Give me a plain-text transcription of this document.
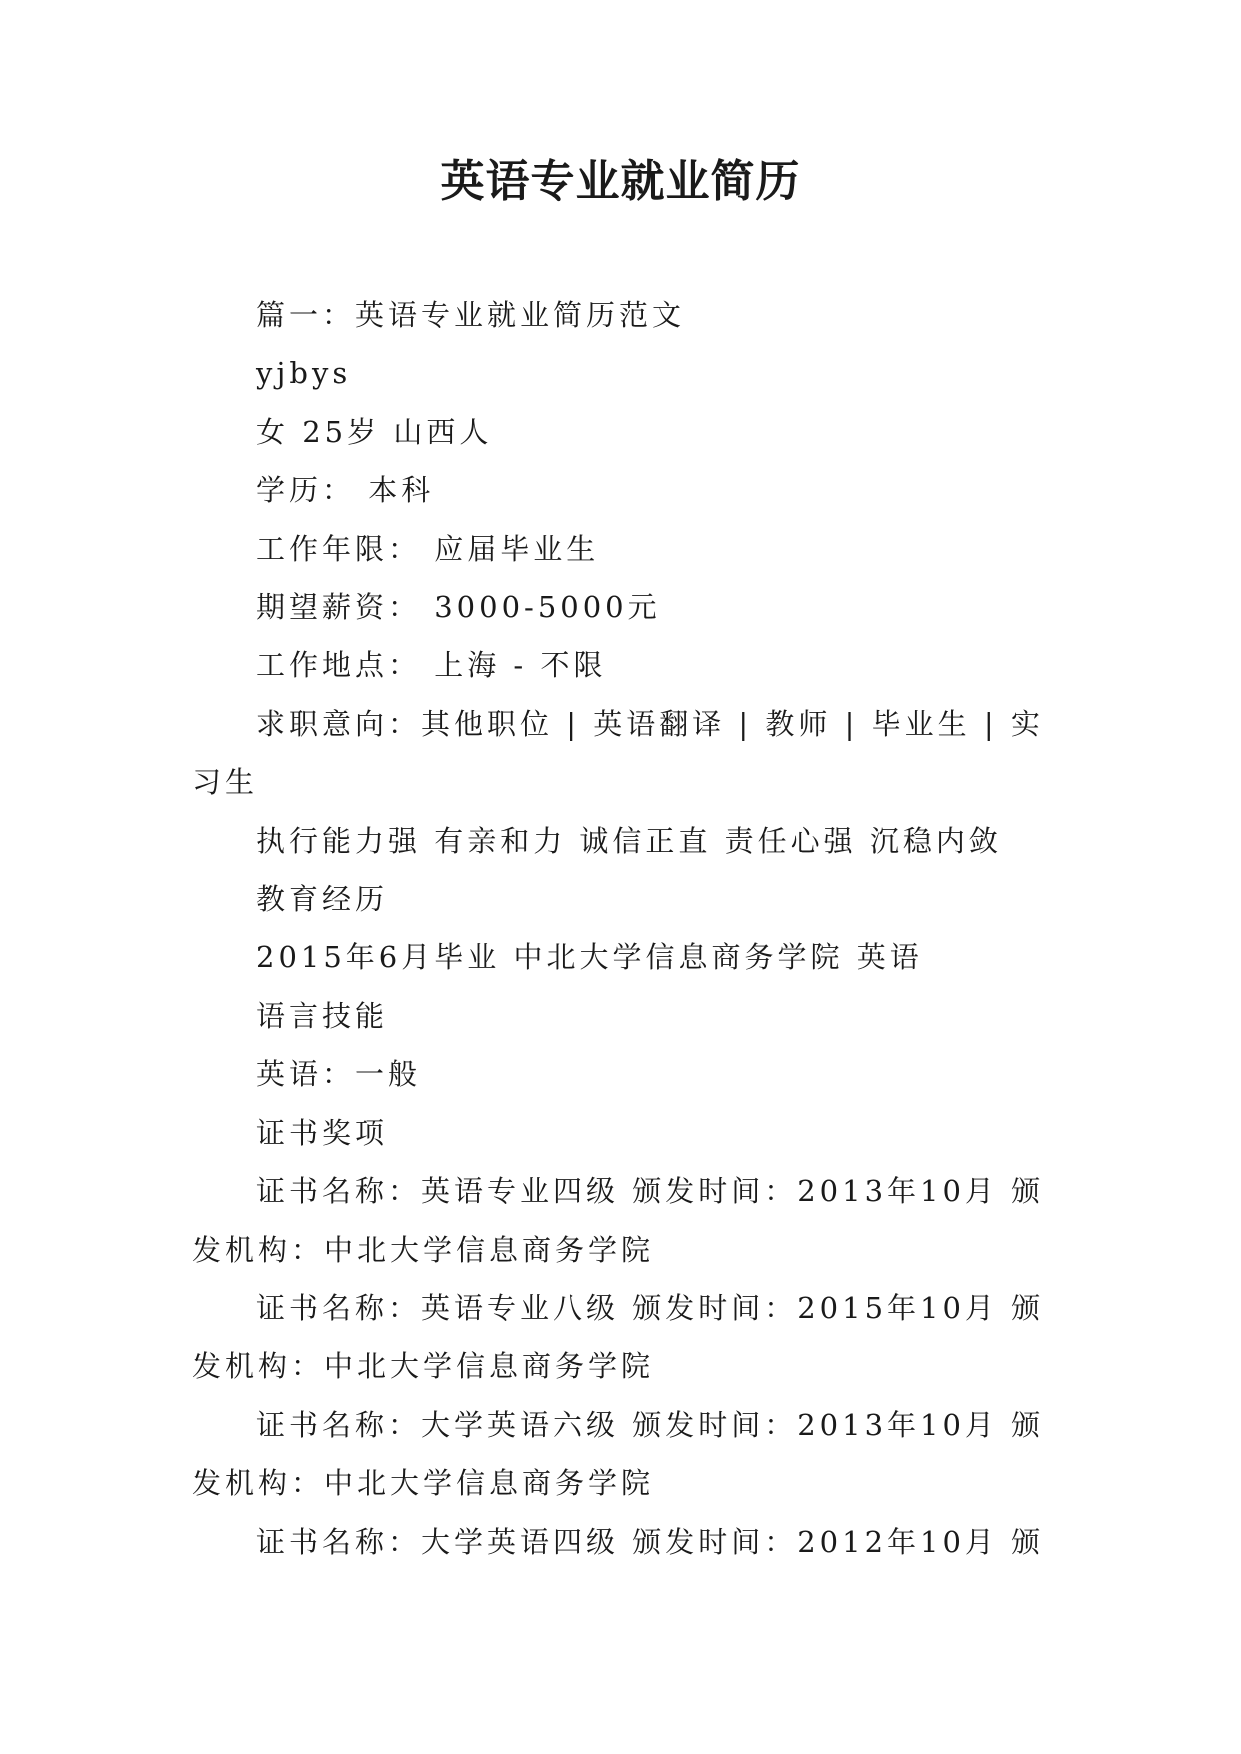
英语专业就业简历

篇一：英语专业就业简历范文

yjbys

女 25岁 山西人

学历： 本科

工作年限： 应届毕业生

期望薪资： 3000-5000元

工作地点： 上海 - 不限

求职意向：其他职位 | 英语翻译 | 教师 | 毕业生 | 实习生

执行能力强 有亲和力 诚信正直 责任心强 沉稳内敛

教育经历

2015年6月毕业 中北大学信息商务学院 英语

语言技能

英语：一般

证书奖项

证书名称：英语专业四级 颁发时间：2013年10月 颁发机构：中北大学信息商务学院

证书名称：英语专业八级 颁发时间：2015年10月 颁发机构：中北大学信息商务学院

证书名称：大学英语六级 颁发时间：2013年10月 颁发机构：中北大学信息商务学院

证书名称：大学英语四级 颁发时间：2012年10月 颁
